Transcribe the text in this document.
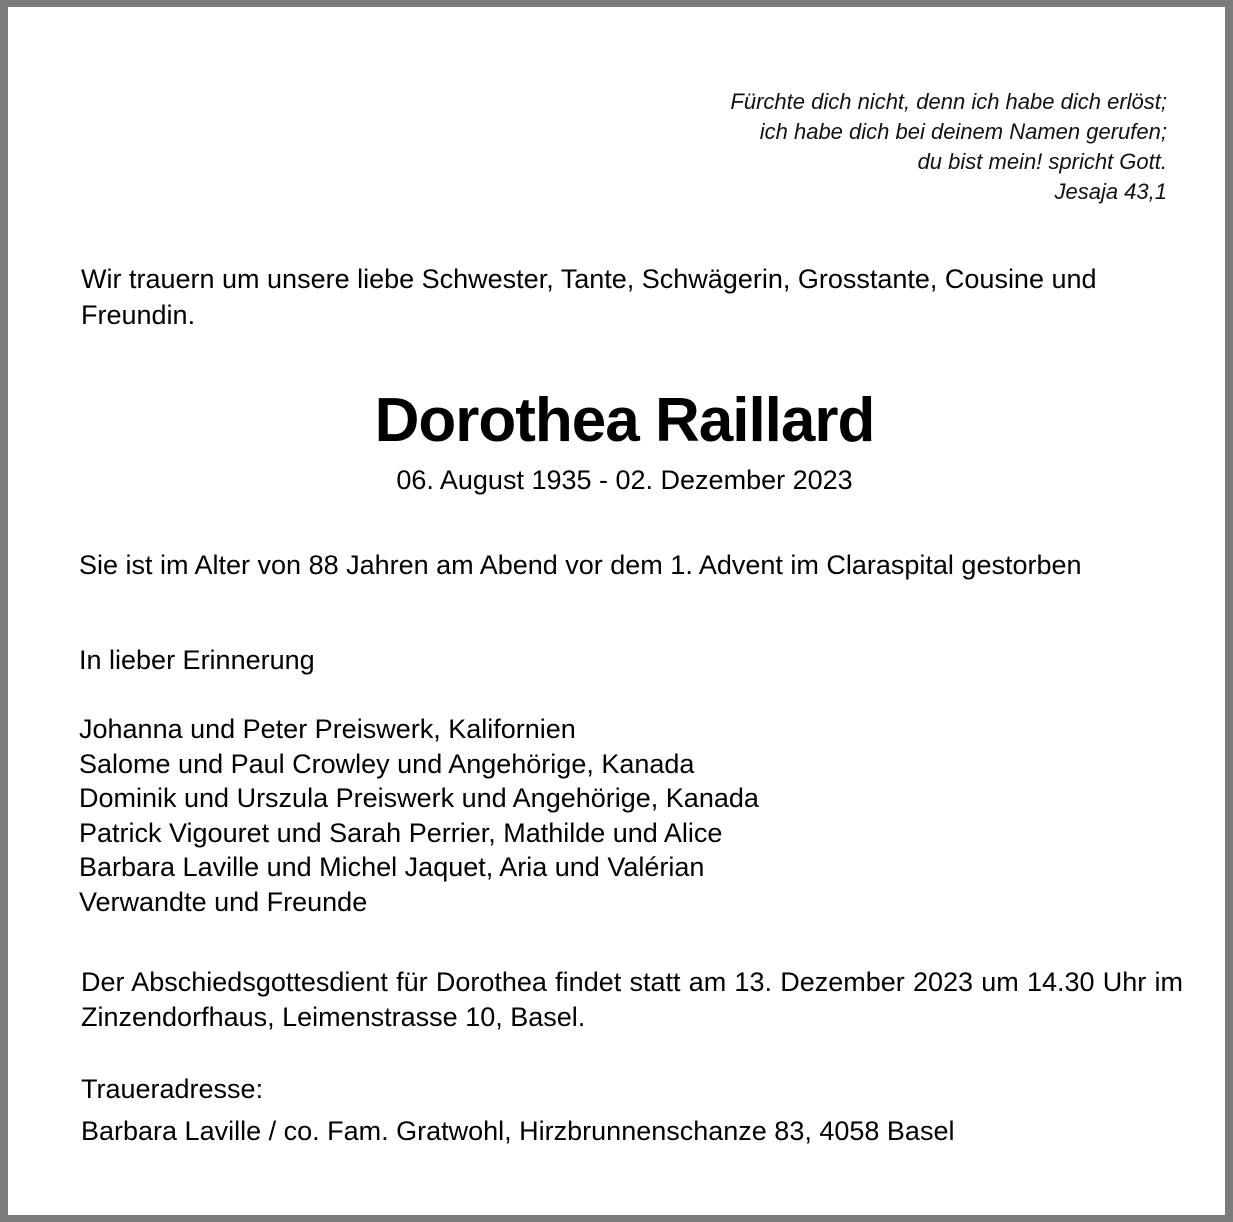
Fürchte dich nicht, denn ich habe dich erlöst;
ich habe dich bei deinem Namen gerufen;
du bist mein! spricht Gott.
Jesaja 43,1

Wir trauern um unsere liebe Schwester, Tante, Schwägerin, Grosstante, Cousine und Freundin.

Dorothea Raillard

06. August 1935 - 02. Dezember 2023

Sie ist im Alter von 88 Jahren am Abend vor dem 1. Advent im Claraspital gestorben

In lieber Erinnerung

Johanna und Peter Preiswerk, Kalifornien
Salome und Paul Crowley und Angehörige, Kanada
Dominik und Urszula Preiswerk und Angehörige, Kanada
Patrick Vigouret und Sarah Perrier, Mathilde und Alice
Barbara Laville und Michel Jaquet, Aria und Valérian
Verwandte und Freunde

Der Abschiedsgottesdient für Dorothea findet statt am 13. Dezember 2023 um 14.30 Uhr im Zinzendorfhaus, Leimenstrasse 10, Basel.

Traueradresse:

Barbara Laville / co. Fam. Gratwohl, Hirzbrunnenschanze 83, 4058 Basel
